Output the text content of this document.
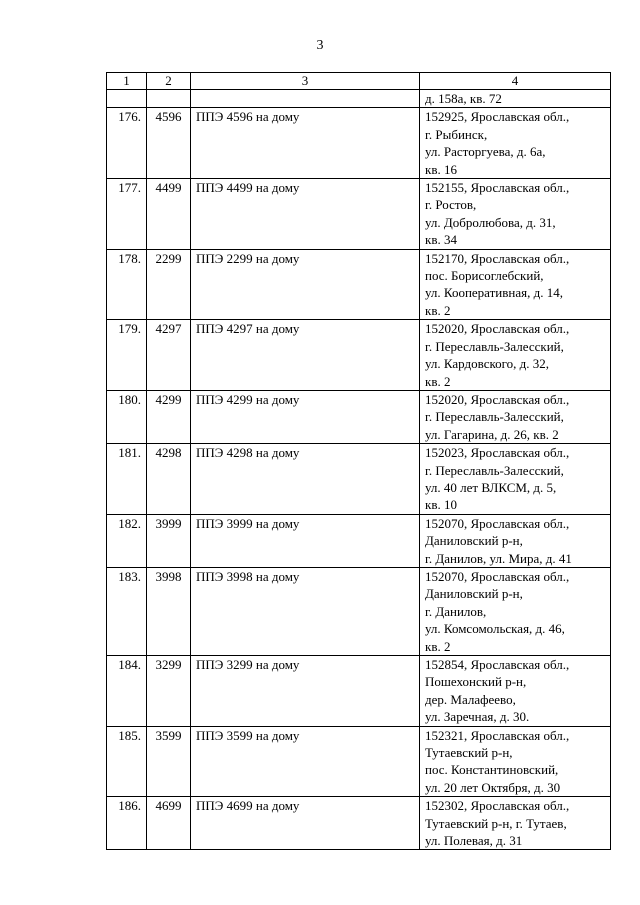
3
1	2	3	4

			д. 158а, кв. 72

176.	4596	ППЭ 4596 на дому	152925, Ярославская обл.,
г. Рыбинск,
ул. Расторгуева, д. 6а,
кв. 16

177.	4499	ППЭ 4499 на дому	152155, Ярославская обл.,
г. Ростов,
ул. Добролюбова, д. 31,
кв. 34

178.	2299	ППЭ 2299 на дому	152170, Ярославская обл.,
пос. Борисоглебский,
ул. Кооперативная, д. 14,
кв. 2

179.	4297	ППЭ 4297 на дому	152020, Ярославская обл.,
г. Переславль-Залесский,
ул. Кардовского, д. 32,
кв. 2

180.	4299	ППЭ 4299 на дому	152020, Ярославская обл.,
г. Переславль-Залесский,
ул. Гагарина, д. 26, кв. 2

181.	4298	ППЭ 4298 на дому	152023, Ярославская обл.,
г. Переславль-Залесский,
ул. 40 лет ВЛКСМ, д. 5,
кв. 10

182.	3999	ППЭ 3999 на дому	152070, Ярославская обл.,
Даниловский р-н,
г. Данилов, ул. Мира, д. 41

183.	3998	ППЭ 3998 на дому	152070, Ярославская обл.,
Даниловский р-н,
г. Данилов,
ул. Комсомольская, д. 46,
кв. 2

184.	3299	ППЭ 3299 на дому	152854, Ярославская обл.,
Пошехонский р-н,
дер. Малафеево,
ул. Заречная, д. 30.

185.	3599	ППЭ 3599 на дому	152321, Ярославская обл.,
Тутаевский р-н,
пос. Константиновский,
ул. 20 лет Октября, д. 30

186.	4699	ППЭ 4699 на дому	152302, Ярославская обл.,
Тутаевский р-н, г. Тутаев,
ул. Полевая, д. 31
